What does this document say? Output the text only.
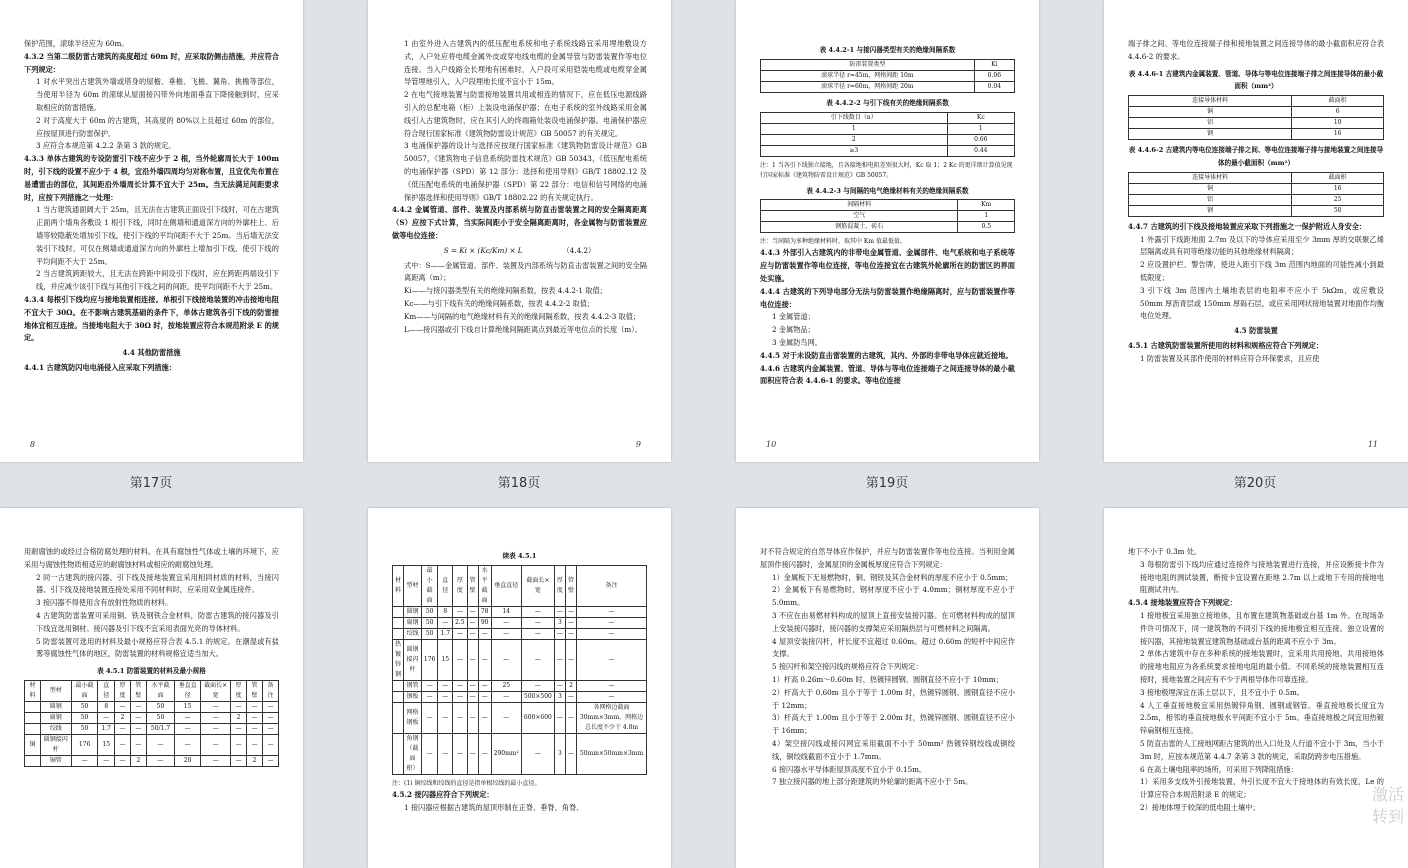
保护范围，滚球半径应为 60m。

4.3.2 当第二级防雷古建筑的高度超过 60m 时，应采取防侧击措施，并应符合下列规定：

1 对水平突出古建筑外墙或塔身的屋檐、垂檐、飞檐、翼角、挑檐等部位，当使用半径为 60m 的滚球从屋面接闪带外向地面垂直下降接触到时，应采取相应的防雷措施。

2 对于高度大于 60m 的古建筑，其高度的 80%以上且超过 60m 的部位，应按屋顶进行防雷保护。

3 应符合本规范第 4.2.2 条第 3 款的规定。

4.3.3 单体古建筑的专设防雷引下线不应少于 2 根，当外轮廓周长大于 100m 时，引下线的设置不应少于 4 根，宜沿外墙四周均匀对称布置，且宜优先布置在易遭雷击的部位，其间距沿外墙周长计算不宜大于 25m。当无法满足间距要求时，应按下列措施之一处理：

1 当古建筑通面阔大于 25m，且无法在古建筑正面设引下线时，可在古建筑正面两个墙角各敷设 1 根引下线，同时在侧墙和通道深方向的外廓柱上、后墙等较隐蔽处增加引下线，使引下线的平均间距不大于 25m。当后墙无法安装引下线时，可仅在侧墙或通道深方向的外廓柱上增加引下线，使引下线的平均间距不大于 25m。

2 当古建筑跨距较大，且无法在跨距中间设引下线时，应在跨距两端设引下线，并应减少该引下线与其他引下线之间的间距，使平均间距不大于 25m。

4.3.4 每根引下线均应与接地装置相连接。单根引下线接地装置的冲击接地电阻不宜大于 30Ω。在不影响古建筑基础的条件下，单体古建筑各引下线的防雷接地体宜相互连接。当接地电阻大于 30Ω 时，按地装置应符合本规范附录 E 的规定。

4.4 其他防雷措施

4.4.1 古建筑防闪电电涌侵入应采取下列措施：

8

1 由室外进入古建筑内的低压配电系统和电子系统线路宜采用埋地敷设方式，入户处应将电缆金属外皮或穿电线电缆的金属导管与防雷装置作等电位连接。当入户线路全长埋地有困难时，入户段可采用铠装电缆或电缆穿金属导管埋地引入，入户段埋地长度不宜小于 15m。

2 在电气接地装置与防雷接地装置共用或相连的情况下，应在低压电源线路引入的总配电箱（柜）上装设电涌保护器；在电子系统的室外线路采用金属线引入古建筑物时，应在其引入的终端箱处装设电涌保护器。电涌保护器应符合现行国家标准《建筑物防雷设计规范》GB 50057 的有关规定。

3 电涌保护器的设计与选择应按现行国家标准《建筑物防雷设计规范》GB 50057，《建筑物电子信息系统防雷技术规范》GB 50343，《低压配电系统的电涌保护器（SPD）第 12 部分：选择和使用导则》GB/T 18802.12 及《低压配电系统的电涌保护器（SPD）第 22 部分：电信和信号网络的电涌保护器选择和使用导则》GB/T 18802.22 的有关规定执行。

4.4.2 金属管道、部件、装置及内部系统与防直击雷装置之间的安全隔离距离（S）应按下式计算，当实际间距小于安全隔离距离时，各金属物与防雷装置应做等电位连接：

S = Ki × (Kc/Km) × L	（4.4.2）

式中：S——金属管道、部件、装置及内部系统与防直击雷装置之间的安全隔离距离（m）；

Ki——与接闪器类型有关的绝缘间隔系数，按表 4.4.2-1 取值；

Kc——与引下线有关的绝缘间隔系数，按表 4.4.2-2 取值；

Km——与间隔的电气绝缘材料有关的绝缘间隔系数，按表 4.4.2-3 取值；

L——接闪器或引下线自计算绝缘间隔距离点到最近等电位点的长度（m）。

9
表 4.4.2-1 与接闪器类型有关的绝缘间隔系数
防雷装置类型	Ki
滚球半径 r=45m，网格间距 10m	0.06
滚球半径 r=60m，网格间距 20m	0.04
表 4.4.2-2 与引下线有关的绝缘间隔系数
引下线数目（n）	Kc
1	1
2	0.66
≥3	0.44
注：1 当各引下线独立接地，且各接地相电阻差别很大时，Kc 取 1；2 Kc 的更详细计算值见现行国家标准《建筑物防雷设计规范》GB 50057。
表 4.4.2-3 与间隔的电气绝缘材料有关的绝缘间隔系数
间隔材料	Km
空气	1
钢筋混凝土、砖石	0.5
注：当间隔为多种绝缘材料时，取其中 Km 值最低值。

4.4.3 外部引入古建筑内的非带电金属管道、金属部件、电气系统和电子系统等应与防雷装置作等电位连接，等电位连接宜在古建筑外轮廓所在的防雷区的界面处实施。

4.4.4 古建筑的下列导电部分无法与防雷装置作绝缘隔离时，应与防雷装置作等电位连接：

1 金属管道；

2 金属物品；

3 金属防鸟网。

4.4.5 对于未设防直击雷装置的古建筑，其内、外部的非带电导体应就近接地。

4.4.6 古建筑内金属装置、管道、导体与等电位连接端子之间连接导体的最小截面积应符合表 4.4.6-1 的要求。等电位连接

10

端子排之间、等电位连接端子排和接地装置之间连接导体的最小截面积应符合表 4.4.6-2 的要求。

表 4.4.6-1 古建筑内金属装置、管道、导体与等电位连接端子排之间连接导体的最小截面积（mm²）
连接导体材料	截面积
铜	6
铝	10
钢	16
表 4.4.6-2 古建筑内等电位连接端子排之间、等电位连接端子排与接地装置之间连接导体的最小截面积（mm²）
连接导体材料	截面积
铜	16
铝	25
钢	50

4.4.7 古建筑的引下线及接地装置应采取下列措施之一保护附近人身安全：

1 外露引下线距地面 2.7m 及以下的导体应采用至少 3mm 厚的交联聚乙烯层隔离或具有同等绝缘功能的其他绝缘材料隔离；

2 应设置护栏、警告牌，使进入距引下线 3m 范围内地面的可能性减小到最低限度；

3 引下线 3m 范围内土壤地表层的电阻率不应小于 5kΩm，或应敷设 50mm 厚沥青层或 150mm 厚砾石层，或应采用网状接地装置对地面作均衡电位处理。

4.5 防雷装置

4.5.1 古建筑防雷装置所使用的材料和规格应符合下列规定：

1 防雷装置及其部件使用的材料应符合环保要求，且应使

11
第17页	第18页	第19页	第20页

用耐腐蚀的或经过合格防腐处理的材料。在具有腐蚀性气体或土壤的环境下，应采用与腐蚀性物质相适应的耐腐蚀材料或相应的耐腐蚀处理。

2 同一古建筑的接闪器、引下线及接地装置宜采用相同材质的材料，当接闪器、引下线及接地装置连接处采用不同材料时，应采用双金属连接件。

3 接闪器不得使用含有放射性物质的材料。

4 古建筑防雷装置可采用铜、铁及钢铁合金材料，防雷古建筑的接闪器及引下线宜选用铜材。接闪器及引下线不宜采用表面光亮的导体材料。

5 防雷装置可选用的材料及最小规格应符合表 4.5.1 的规定。在潮湿或有盐雾等腐蚀性气体的地区，防雷装置的材料规格宜适当加大。

表 4.5.1 防雷装置的材料及最小规格
材料	型材	最小截面	直径	厚度	管壁	水平截面	垂直直径	截面长×宽	厚度	管壁	备注
	圆钢	50	8	—	—	50	15	—	—	—	—
	扁钢	50	—	2	—	50	—	—	2	—	—
	绞线	50	1.7	—	—	50/1.7	—	—	—	—	—
铜	圆钢接闪杆	176	15	—	—	—	—	—	—	—	—
	铜管	—	—	—	2	—	20	—	—	2	—
续表 4.5.1
材料	型材	最小截面	直径	厚度	管壁	水平截面	垂直直径	截面长×宽	厚度	管壁	备注
	圆钢	50	8	—	—	78	14	—	—	—	—
	扁钢	50	—	2.5	—	90	—	—	3	—	—
	绞线	50	1.7	—	—	—	—	—	—	—	—
热镀锌钢	圆钢接闪杆	176	15	—	—	—	—	—	—	—	—
	钢管	—	—	—	—	—	25	—	—	2	—
	钢板	—	—	—	—	—	—	500×500	3	—	—
	网格钢板	—	—	—	—	—	—	600×600	—	—	各网格边截面 30mm×3mm，网格边总长度不少于 4.8m
	角钢（截面积）	—	—	—	—	—	290mm²	—	3	—	50mm×50mm×3mm
注：(1) 铜绞线和绞线的直径是指单根绞线的最小直径。

4.5.2 接闪器应符合下列规定：

1 接闪器应根据古建筑的屋顶形制在正脊、垂脊、角脊、

对不符合规定的自然导体应作保护，并应与防雷装置作等电位连接。当利用金属屋顶作接闪器时，金属屋顶的金属板厚度应符合下列规定：

1）金属板下无易燃物时，铜、钢铁及其合金材料的厚度不应小于 0.5mm；

2）金属板下有易燃物时，钢材厚度不应小于 4.0mm；铜材厚度不应小于 5.0mm。

3 不应在由易燃材料构成的屋顶上直接安装接闪器。在可燃材料构成的屋顶上安装接闪器时，接闪器的支撑架应采用隔热层与可燃材料之间隔离。

4 屋顶安装接闪杆，杆长度不宜超过 0.60m。超过 0.60m 的短杆中间应作支撑。

5 接闪杆和架空接闪线的规格应符合下列规定：

1）杆高 0.26m～0.60m 时，热镀锌圆钢、圆钢直径不应小于 10mm；

2）杆高大于 0.60m 且小于等于 1.00m 时，热镀锌圆钢、圆钢直径不应小于 12mm；

3）杆高大于 1.00m 且小于等于 2.00m 时，热镀锌圆钢、圆钢直径不应小于 16mm；

4）架空接闪线或接闪网宜采用截面不小于 50mm² 热镀锌钢绞线或铜绞线，铜绞线截面不宜小于 1.7mm。

6 接闪器水平导体距屋顶高度不宜小于 0.15m。

7 独立接闪器的地上部分距建筑的外轮廓的距离不应小于 5m。

地下不小于 0.3m 处。

3 每根防雷引下线均应通过连接件与接地装置进行连接，并应设断接卡作为接地电阻的测试装置，断接卡宜设置在距地 2.7m 以上或地下专用的接地电阻测试井内。

4.5.4 接地装置应符合下列规定：

1 接地极宜采用独立接地体，且布置在建筑物基础或台基 1m 外。在现场条件许可情况下，同一建筑物的不同引下线的接地极宜相互连接。独立设置的接闪器，其接地装置宜建筑物基础或台基的距离不应小于 3m。

2 单体古建筑中存在多种系统的接地装置时，宜采用共用接地。共用接地体的接地电阻应为各系统要求接地电阻的最小值。不同系统的接地装置相互连接时，接地装置之间应有不少于两根导体作可靠连接。

3 接地极埋深宜在冻土层以下，且不宜小于 0.5m。

4 人工垂直接地极宜采用热镀锌角钢、圆钢或钢管。垂直接地极长度宜为 2.5m，相邻的垂直接地极水平间距不宜小于 5m。垂直接地极之间宜用热镀锌扁钢相互连接。

5 防直击雷的人工接地网距古建筑的出入口处及人行道不宜小于 3m，当小于 3m 时，应按本规范第 4.4.7 条第 3 款的规定，采取防跨步电压措施。

6 在高土壤电阻率的场所，可采用下列降阻措施：

1）采用多支线外引接地装置，外引长度不宜大于接地体的有效长度，Le 的计算应符合本规范附录 E 的规定；

2）接地体埋于较深的低电阻土壤中；

激活
转到
